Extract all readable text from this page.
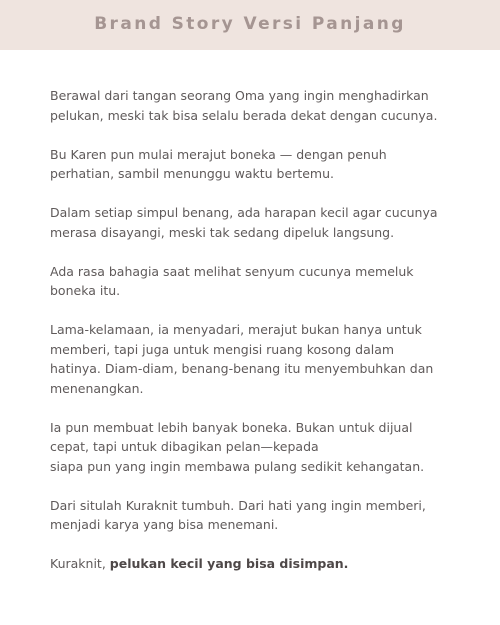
Brand Story Versi Panjang

Berawal dari tangan seorang Oma yang ingin menghadirkan
pelukan, meski tak bisa selalu berada dekat dengan cucunya.

Bu Karen pun mulai merajut boneka — dengan penuh
perhatian, sambil menunggu waktu bertemu.

Dalam setiap simpul benang, ada harapan kecil agar cucunya
merasa disayangi, meski tak sedang dipeluk langsung.

Ada rasa bahagia saat melihat senyum cucunya memeluk
boneka itu.

Lama-kelamaan, ia menyadari, merajut bukan hanya untuk
memberi, tapi juga untuk mengisi ruang kosong dalam
hatinya. Diam-diam, benang-benang itu menyembuhkan dan
menenangkan.

Ia pun membuat lebih banyak boneka. Bukan untuk dijual
cepat, tapi untuk dibagikan pelan—kepada
siapa pun yang ingin membawa pulang sedikit kehangatan.

Dari situlah Kuraknit tumbuh. Dari hati yang ingin memberi,
menjadi karya yang bisa menemani.

Kuraknit, pelukan kecil yang bisa disimpan.
